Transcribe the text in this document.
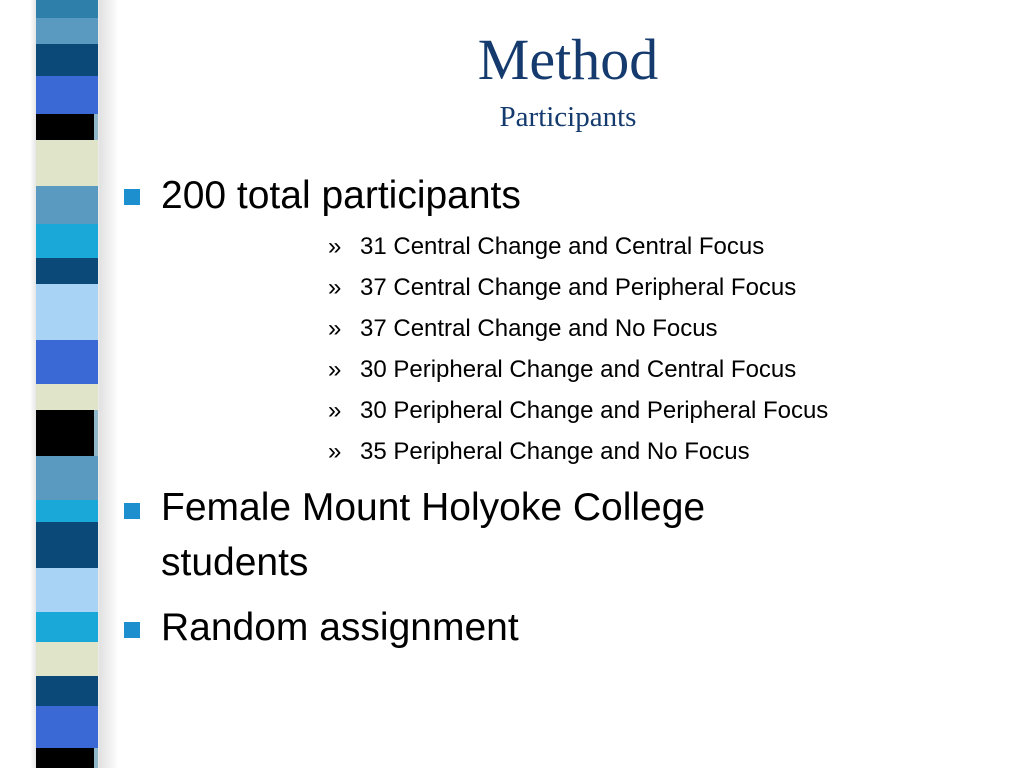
Method
Participants
200 total participants
» 31 Central Change and Central Focus
» 37 Central Change and Peripheral Focus
» 37 Central Change and No Focus
» 30 Peripheral Change and Central Focus
» 30 Peripheral Change and Peripheral Focus
» 35 Peripheral Change and No Focus
Female Mount Holyoke College
students
Random assignment
